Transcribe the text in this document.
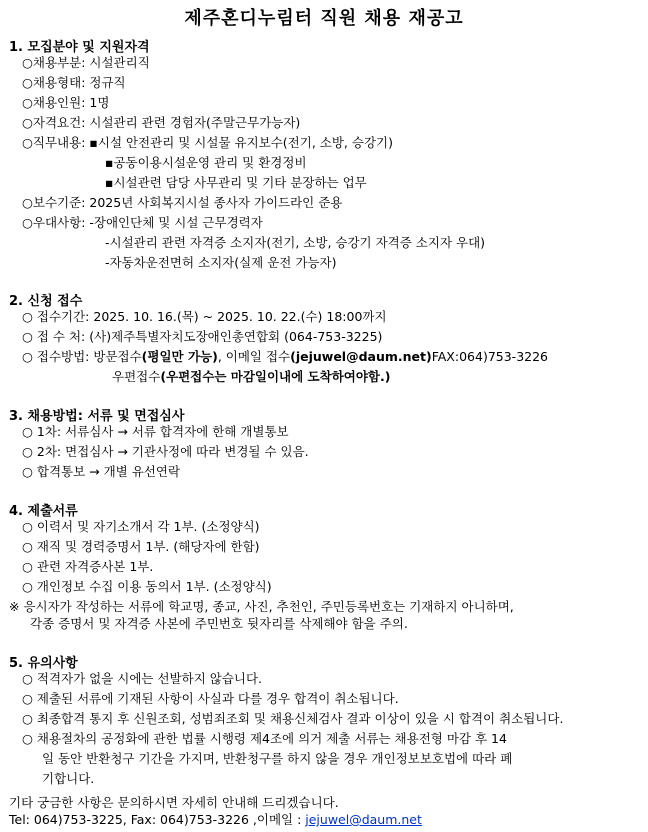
제주혼디누림터 직원 채용 재공고
1. 모집분야 및 지원자격
○채용부분: 시설관리직
○채용형태: 정규직
○채용인원: 1명
○자격요건: 시설관리 관련 경험자(주말근무가능자)
○직무내용: ▪시설 안전관리 및 시설물 유지보수(전기, 소방, 승강기)
▪공동이용시설운영 관리 및 환경정비
▪시설관련 담당 사무관리 및 기타 분장하는 업무
○보수기준: 2025년 사회복지시설 종사자 가이드라인 준용
○우대사항: -장애인단체 및 시설 근무경력자
-시설관리 관련 자격증 소지자(전기, 소방, 승강기 자격증 소지자 우대)
-자동차운전면허 소지자(실제 운전 가능자)
2. 신청 접수
○ 접수기간: 2025. 10. 16.(목) ~ 2025. 10. 22.(수) 18:00까지
○ 접 수 처: (사)제주특별자치도장애인총연합회 (064-753-3225)
○ 접수방법: 방문접수(평일만 가능), 이메일 접수(jejuwel@daum.net)FAX:064)753-3226
우편접수(우편접수는 마감일이내에 도착하여야함.)
3. 채용방법: 서류 및 면접심사
○ 1차: 서류심사 → 서류 합격자에 한해 개별통보
○ 2차: 면접심사 → 기관사정에 따라 변경될 수 있음.
○ 합격통보 → 개별 유선연락
4. 제출서류
○ 이력서 및 자기소개서 각 1부. (소정양식)
○ 재직 및 경력증명서 1부. (해당자에 한함)
○ 관련 자격증사본 1부.
○ 개인정보 수집 이용 동의서 1부. (소정양식)
※ 응시자가 작성하는 서류에 학교명, 종교, 사진, 추천인, 주민등록번호는 기재하지 아니하며,
각종 증명서 및 자격증 사본에 주민번호 뒷자리를 삭제해야 함을 주의.
5. 유의사항
○ 적격자가 없을 시에는 선발하지 않습니다.
○ 제출된 서류에 기재된 사항이 사실과 다를 경우 합격이 취소됩니다.
○ 최종합격 통지 후 신원조회, 성범죄조회 및 채용신체검사 결과 이상이 있을 시 합격이 취소됩니다.
○ 채용절차의 공정화에 관한 법률 시행령 제4조에 의거 제출 서류는 채용전형 마감 후 14
일 동안 반환청구 기간을 가지며, 반환청구를 하지 않을 경우 개인정보보호법에 따라 폐
기합니다.
기타 궁금한 사항은 문의하시면 자세히 안내해 드리겠습니다.
Tel: 064)753-3225, Fax: 064)753-3226 ,이메일 : jejuwel@daum.net
